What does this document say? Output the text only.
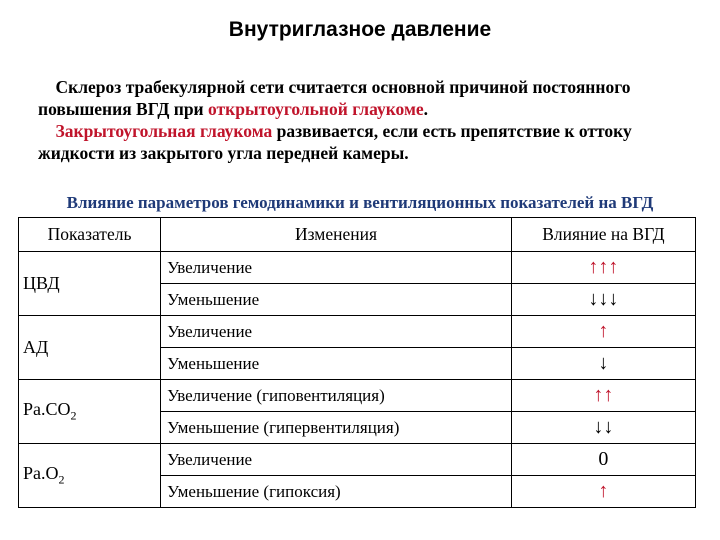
Внутриглазное давление

Склероз трабекулярной сети считается основной причиной постоянного повышения ВГД при открытоугольной глаукоме.

Закрытоугольная глаукома развивается, если есть препятствие к оттоку жидкости из закрытого угла передней камеры.

Влияние параметров гемодинамики и вентиляционных показателей на ВГД
Показатель	Изменения	Влияние на ВГД
ЦВД	Увеличение	↑↑↑
	Уменьшение	↓↓↓
АД	Увеличение	↑
	Уменьшение	↓
$Pa.CO_2$	Увеличение (гиповентиляция)	↑↑
	Уменьшение (гипервентиляция)	↓↓
$Pa.O_2$	Увеличение	0
	Уменьшение (гипоксия)	↑
